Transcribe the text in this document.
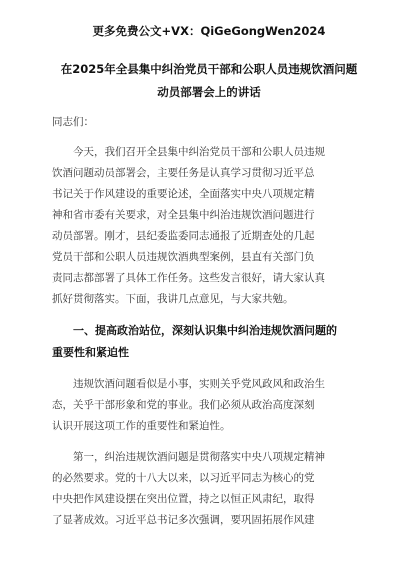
更多免费公文+VX：QiGeGongWen2024
在2025年全县集中纠治党员干部和公职人员违规饮酒问题
动员部署会上的讲话
同志们：
今天，我们召开全县集中纠治党员干部和公职人员违规
饮酒问题动员部署会，主要任务是认真学习贯彻习近平总
书记关于作风建设的重要论述，全面落实中央八项规定精
神和省市委有关要求，对全县集中纠治违规饮酒问题进行
动员部署。刚才，县纪委监委同志通报了近期查处的几起
党员干部和公职人员违规饮酒典型案例，县直有关部门负
责同志都部署了具体工作任务。这些发言很好，请大家认真
抓好贯彻落实。下面，我讲几点意见，与大家共勉。
一、提高政治站位，深刻认识集中纠治违规饮酒问题的
重要性和紧迫性
违规饮酒问题看似是小事，实则关乎党风政风和政治生
态，关乎干部形象和党的事业。我们必须从政治高度深刻
认识开展这项工作的重要性和紧迫性。
第一，纠治违规饮酒问题是贯彻落实中央八项规定精神
的必然要求。党的十八大以来，以习近平同志为核心的党
中央把作风建设摆在突出位置，持之以恒正风肃纪，取得
了显著成效。习近平总书记多次强调，要巩固拓展作风建
